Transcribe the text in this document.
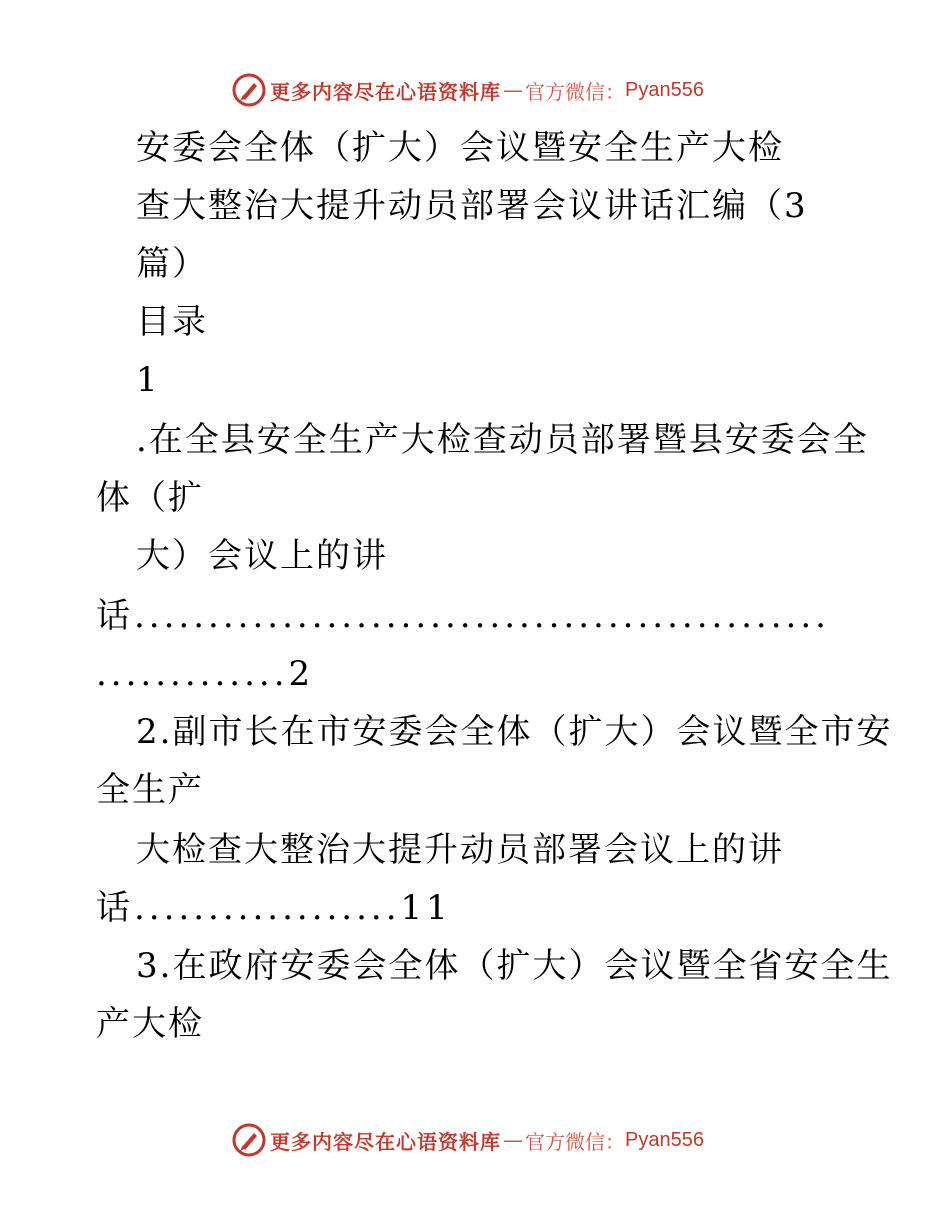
更多内容尽在心语资料库 — 官方微信： Pyan556
安委会全体（扩大）会议暨安全生产大检
查大整治大提升动员部署会议讲话汇编（3
篇）
目录
1
.在全县安全生产大检查动员部署暨县安委会全
体（扩
大）会议上的讲
话...............................................
.............2
2.副市长在市安委会全体（扩大）会议暨全市安
全生产
大检查大整治大提升动员部署会议上的讲
话..................11
3.在政府安委会全体（扩大）会议暨全省安全生
产大检
更多内容尽在心语资料库 — 官方微信： Pyan556
